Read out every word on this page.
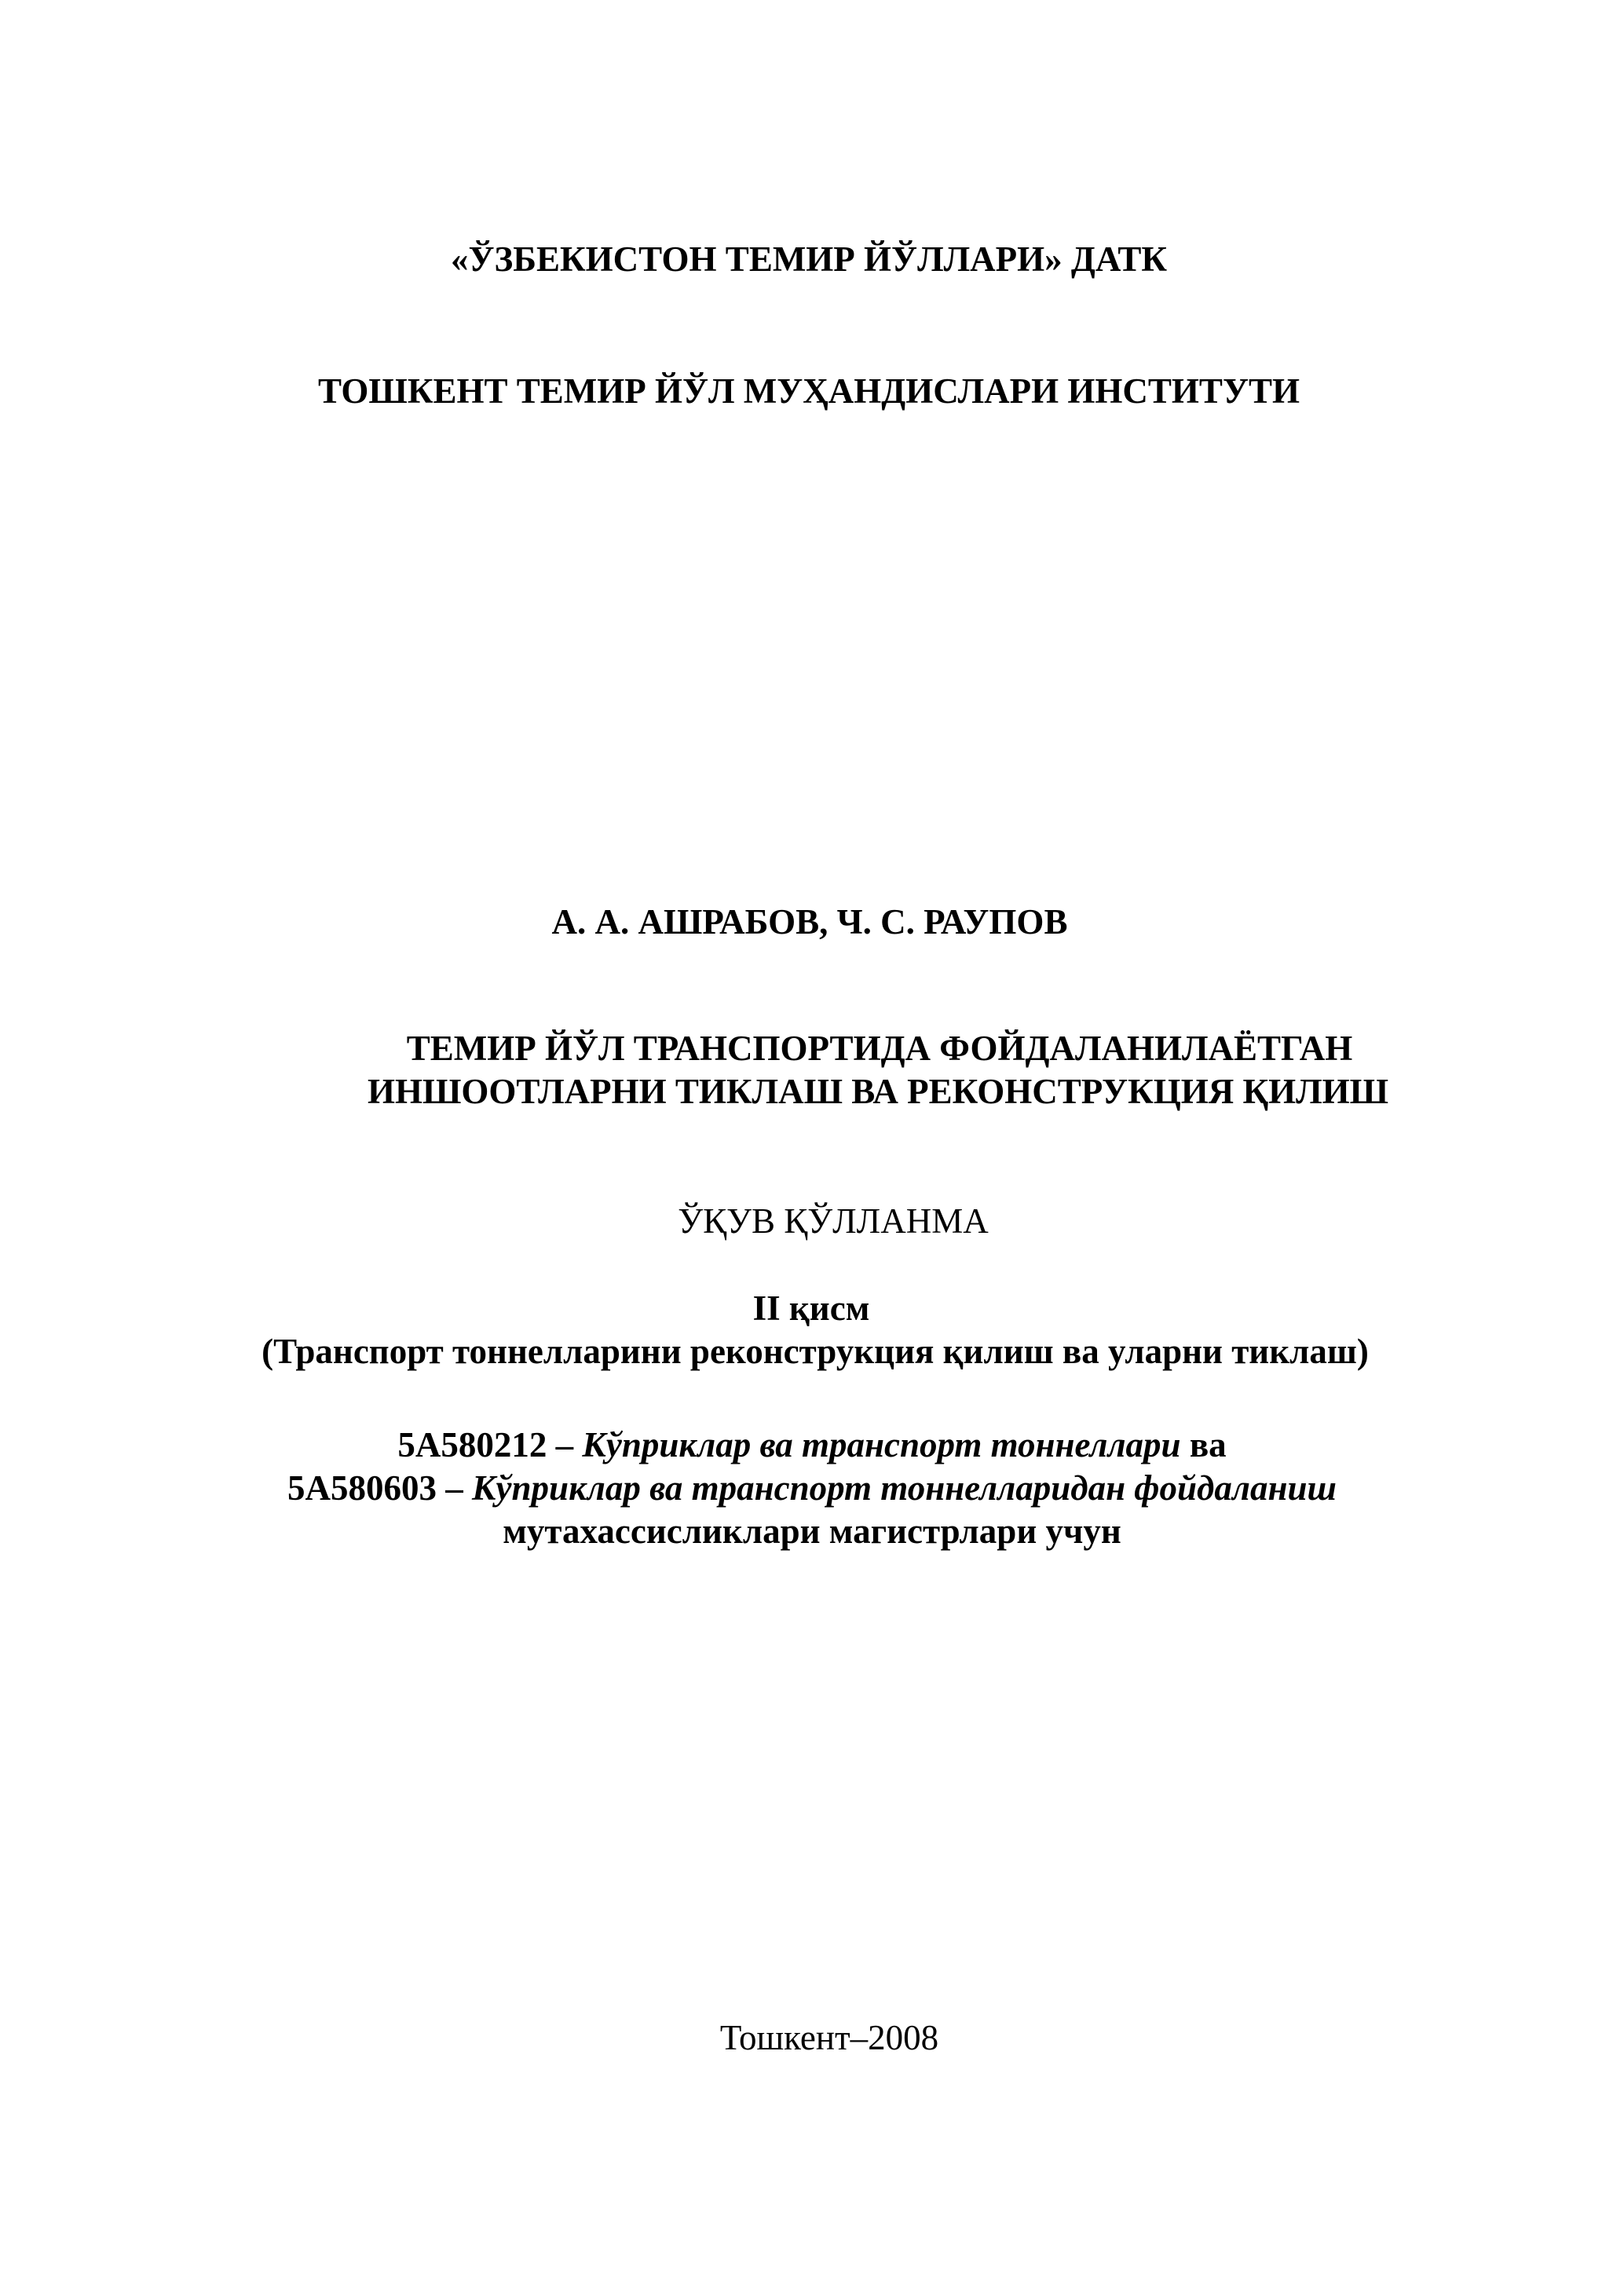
«ЎЗБЕКИСТОН ТЕМИР ЙЎЛЛАРИ» ДАТК
ТОШКЕНТ ТЕМИР ЙЎЛ МУҲАНДИСЛАРИ ИНСТИТУТИ
А. А. АШРАБОВ, Ч. С. РАУПОВ
ТЕМИР ЙЎЛ ТРАНСПОРТИДА ФОЙДАЛАНИЛАЁТГАН
ИНШООТЛАРНИ ТИКЛАШ ВА РЕКОНСТРУКЦИЯ ҚИЛИШ
ЎҚУВ ҚЎЛЛАНМА
II қисм
(Транспорт тоннелларини реконструкция қилиш ва уларни тиклаш)
5А580212 – Кўприклар ва транспорт тоннеллари ва
5А580603 – Кўприклар ва транспорт тоннелларидан фойдаланиш
мутахассисликлари магистрлари учун
Тошкент–2008
